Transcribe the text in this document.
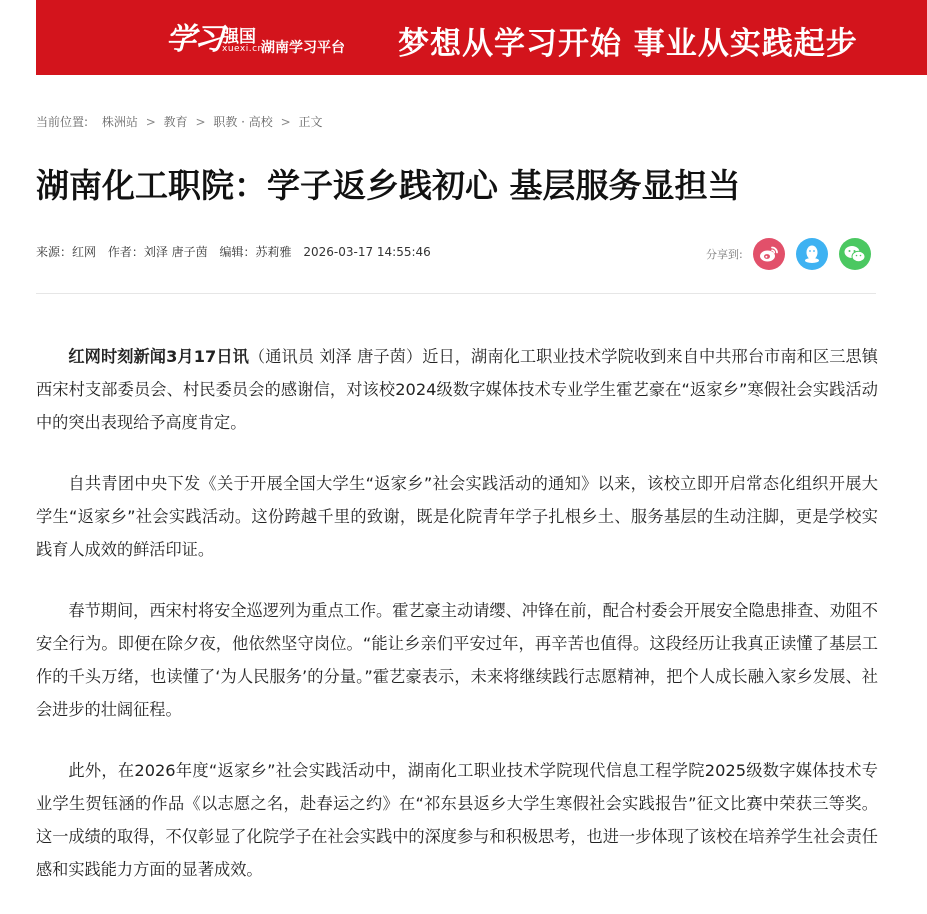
学习 强国
xuexi.cn
湖南学习平台 梦想从学习开始 事业从实践起步
当前位置: 株洲站 > 教育 > 职教 · 高校 > 正文
湖南化工职院：学子返乡践初心 基层服务显担当
来源：红网 作者：刘泽 唐子茵 编辑：苏莉雅 2026-03-17 14:55:46	分享到:

红网时刻新闻3月17日讯（通讯员 刘泽 唐子茵）近日，湖南化工职业技术学院收到来自中共邢台市南和区三思镇西宋村支部委员会、村民委员会的感谢信，对该校2024级数字媒体技术专业学生霍艺豪在“返家乡”寒假社会实践活动中的突出表现给予高度肯定。

自共青团中央下发《关于开展全国大学生“返家乡”社会实践活动的通知》以来，该校立即开启常态化组织开展大学生“返家乡”社会实践活动。这份跨越千里的致谢，既是化院青年学子扎根乡土、服务基层的生动注脚，更是学校实践育人成效的鲜活印证。

春节期间，西宋村将安全巡逻列为重点工作。霍艺豪主动请缨、冲锋在前，配合村委会开展安全隐患排查、劝阻不安全行为。即便在除夕夜，他依然坚守岗位。“能让乡亲们平安过年，再辛苦也值得。这段经历让我真正读懂了基层工作的千头万绪，也读懂了‘为人民服务’的分量。”霍艺豪表示，未来将继续践行志愿精神，把个人成长融入家乡发展、社会进步的壮阔征程。

此外，在2026年度“返家乡”社会实践活动中，湖南化工职业技术学院现代信息工程学院2025级数字媒体技术专业学生贺钰涵的作品《以志愿之名，赴春运之约》在“祁东县返乡大学生寒假社会实践报告”征文比赛中荣获三等奖。这一成绩的取得，不仅彰显了化院学子在社会实践中的深度参与和积极思考，也进一步体现了该校在培养学生社会责任感和实践能力方面的显著成效。
